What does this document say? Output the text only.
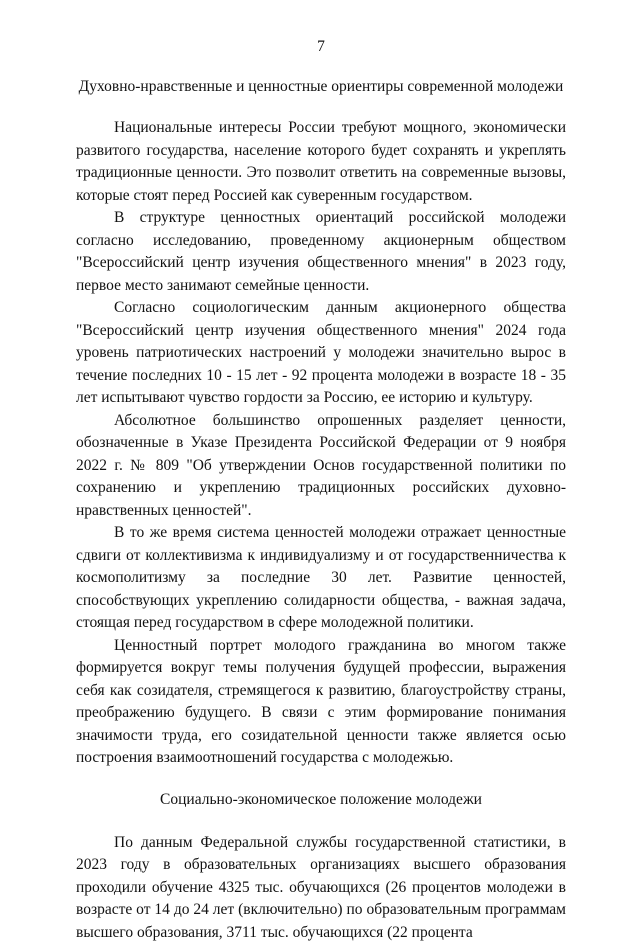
7
Духовно-нравственные и ценностные ориентиры современной молодежи

Национальные интересы России требуют мощного, экономически развитого государства, население которого будет сохранять и укреплять традиционные ценности. Это позволит ответить на современные вызовы, которые стоят перед Россией как суверенным государством.

В структуре ценностных ориентаций российской молодежи согласно исследованию, проведенному акционерным обществом "Всероссийский центр изучения общественного мнения" в 2023 году, первое место занимают семейные ценности.

Согласно социологическим данным акционерного общества "Всероссийский центр изучения общественного мнения" 2024 года уровень патриотических настроений у молодежи значительно вырос в течение последних 10 - 15 лет - 92 процента молодежи в возрасте 18 - 35 лет испытывают чувство гордости за Россию, ее историю и культуру.

Абсолютное большинство опрошенных разделяет ценности, обозначенные в Указе Президента Российской Федерации от 9 ноября 2022 г. № 809 "Об утверждении Основ государственной политики по сохранению и укреплению традиционных российских духовно-нравственных ценностей".

В то же время система ценностей молодежи отражает ценностные сдвиги от коллективизма к индивидуализму и от государственничества к космополитизму за последние 30 лет. Развитие ценностей, способствующих укреплению солидарности общества, - важная задача, стоящая перед государством в сфере молодежной политики.

Ценностный портрет молодого гражданина во многом также формируется вокруг темы получения будущей профессии, выражения себя как созидателя, стремящегося к развитию, благоустройству страны, преображению будущего. В связи с этим формирование понимания значимости труда, его созидательной ценности также является осью построения взаимоотношений государства с молодежью.

Социально-экономическое положение молодежи

По данным Федеральной службы государственной статистики, в 2023 году в образовательных организациях высшего образования проходили обучение 4325 тыс. обучающихся (26 процентов молодежи в возрасте от 14 до 24 лет (включительно) по образовательным программам высшего образования, 3711 тыс. обучающихся (22 процента
